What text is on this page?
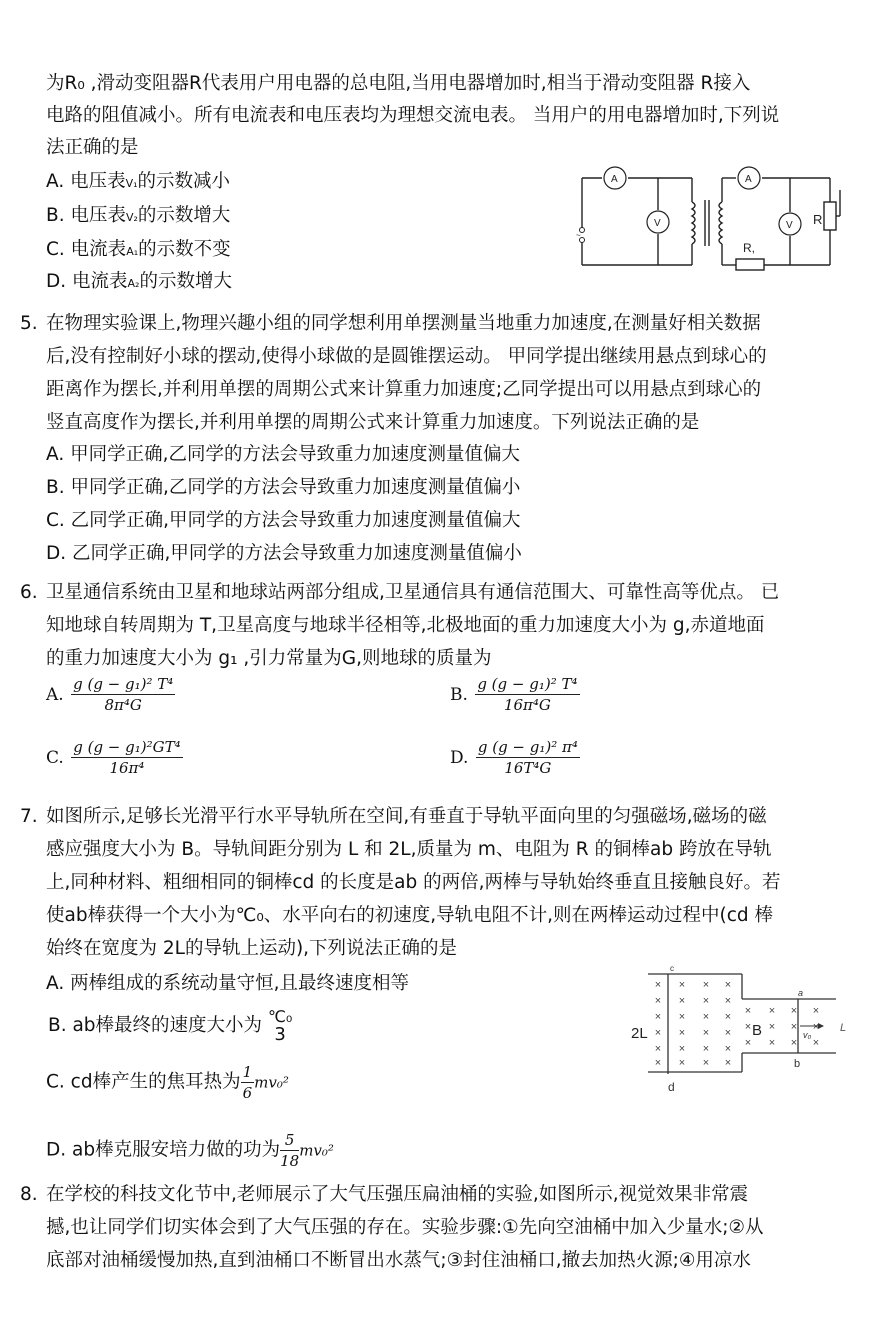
为R₀ ,滑动变阻器R代表用户用电器的总电阻,当用电器增加时,相当于滑动变阻器 R接入
电路的阻值减小。所有电流表和电压表均为理想交流电表。 当用户的用电器增加时,下列说
法正确的是
A. 电压表V₁的示数减小
B. 电压表V₂的示数增大
C. 电流表A₁的示数不变
D. 电流表A₂的示数增大
A
V
A
V R
R,
~
5. 在物理实验课上,物理兴趣小组的同学想利用单摆测量当地重力加速度,在测量好相关数据
后,没有控制好小球的摆动,使得小球做的是圆锥摆运动。 甲同学提出继续用悬点到球心的
距离作为摆长,并利用单摆的周期公式来计算重力加速度;乙同学提出可以用悬点到球心的
竖直高度作为摆长,并利用单摆的周期公式来计算重力加速度。下列说法正确的是
A. 甲同学正确,乙同学的方法会导致重力加速度测量值偏大
B. 甲同学正确,乙同学的方法会导致重力加速度测量值偏小
C. 乙同学正确,甲同学的方法会导致重力加速度测量值偏大
D. 乙同学正确,甲同学的方法会导致重力加速度测量值偏小
6. 卫星通信系统由卫星和地球站两部分组成,卫星通信具有通信范围大、可靠性高等优点。 已
知地球自转周期为 T,卫星高度与地球半径相等,北极地面的重力加速度大小为 g,赤道地面
的重力加速度大小为 g₁ ,引力常量为G,则地球的质量为
A. $\frac{\text{g (g − g₁)² T⁴}}{\text{8π⁴G}}$	B. $\frac{\text{g (g − g₁)² T⁴}}{\text{16π⁴G}}$
C. $\frac{\text{g (g − g₁)²GT⁴}}{\text{16π⁴}}$	D. $\frac{\text{g (g − g₁)² π⁴}}{\text{16T⁴G}}$
7. 如图所示,足够长光滑平行水平导轨所在空间,有垂直于导轨平面向里的匀强磁场,磁场的磁
感应强度大小为 B。导轨间距分别为 L 和 2L,质量为 m、电阻为 R 的铜棒ab 跨放在导轨
上,同种材料、粗细相同的铜棒cd 的长度是ab 的两倍,两棒与导轨始终垂直且接触良好。若
使ab棒获得一个大小为℃₀、水平向右的初速度,导轨电阻不计,则在两棒运动过程中(cd 棒
始终在宽度为 2L的导轨上运动),下列说法正确的是
A. 两棒组成的系统动量守恒,且最终速度相等
B. ab棒最终的速度大小为 ℃₀
3
C. cd棒产生的焦耳热为 $\frac{1}{6} mv_0^2$
D. ab棒克服安培力做的功为 $\frac{5}{18} mv_0^2$
×
×
×
×
×
×
×
×
×
×
×
×
×
×
×
×
×
×
×
×
×
×
×
×
×
×
×
×
×
×
×
×
×
×
×
×
c
d
a
b
2L	L
B	v₀
8. 在学校的科技文化节中,老师展示了大气压强压扁油桶的实验,如图所示,视觉效果非常震
撼,也让同学们切实体会到了大气压强的存在。实验步骤:①先向空油桶中加入少量水;②从
底部对油桶缓慢加热,直到油桶口不断冒出水蒸气;③封住油桶口,撤去加热火源;④用凉水
